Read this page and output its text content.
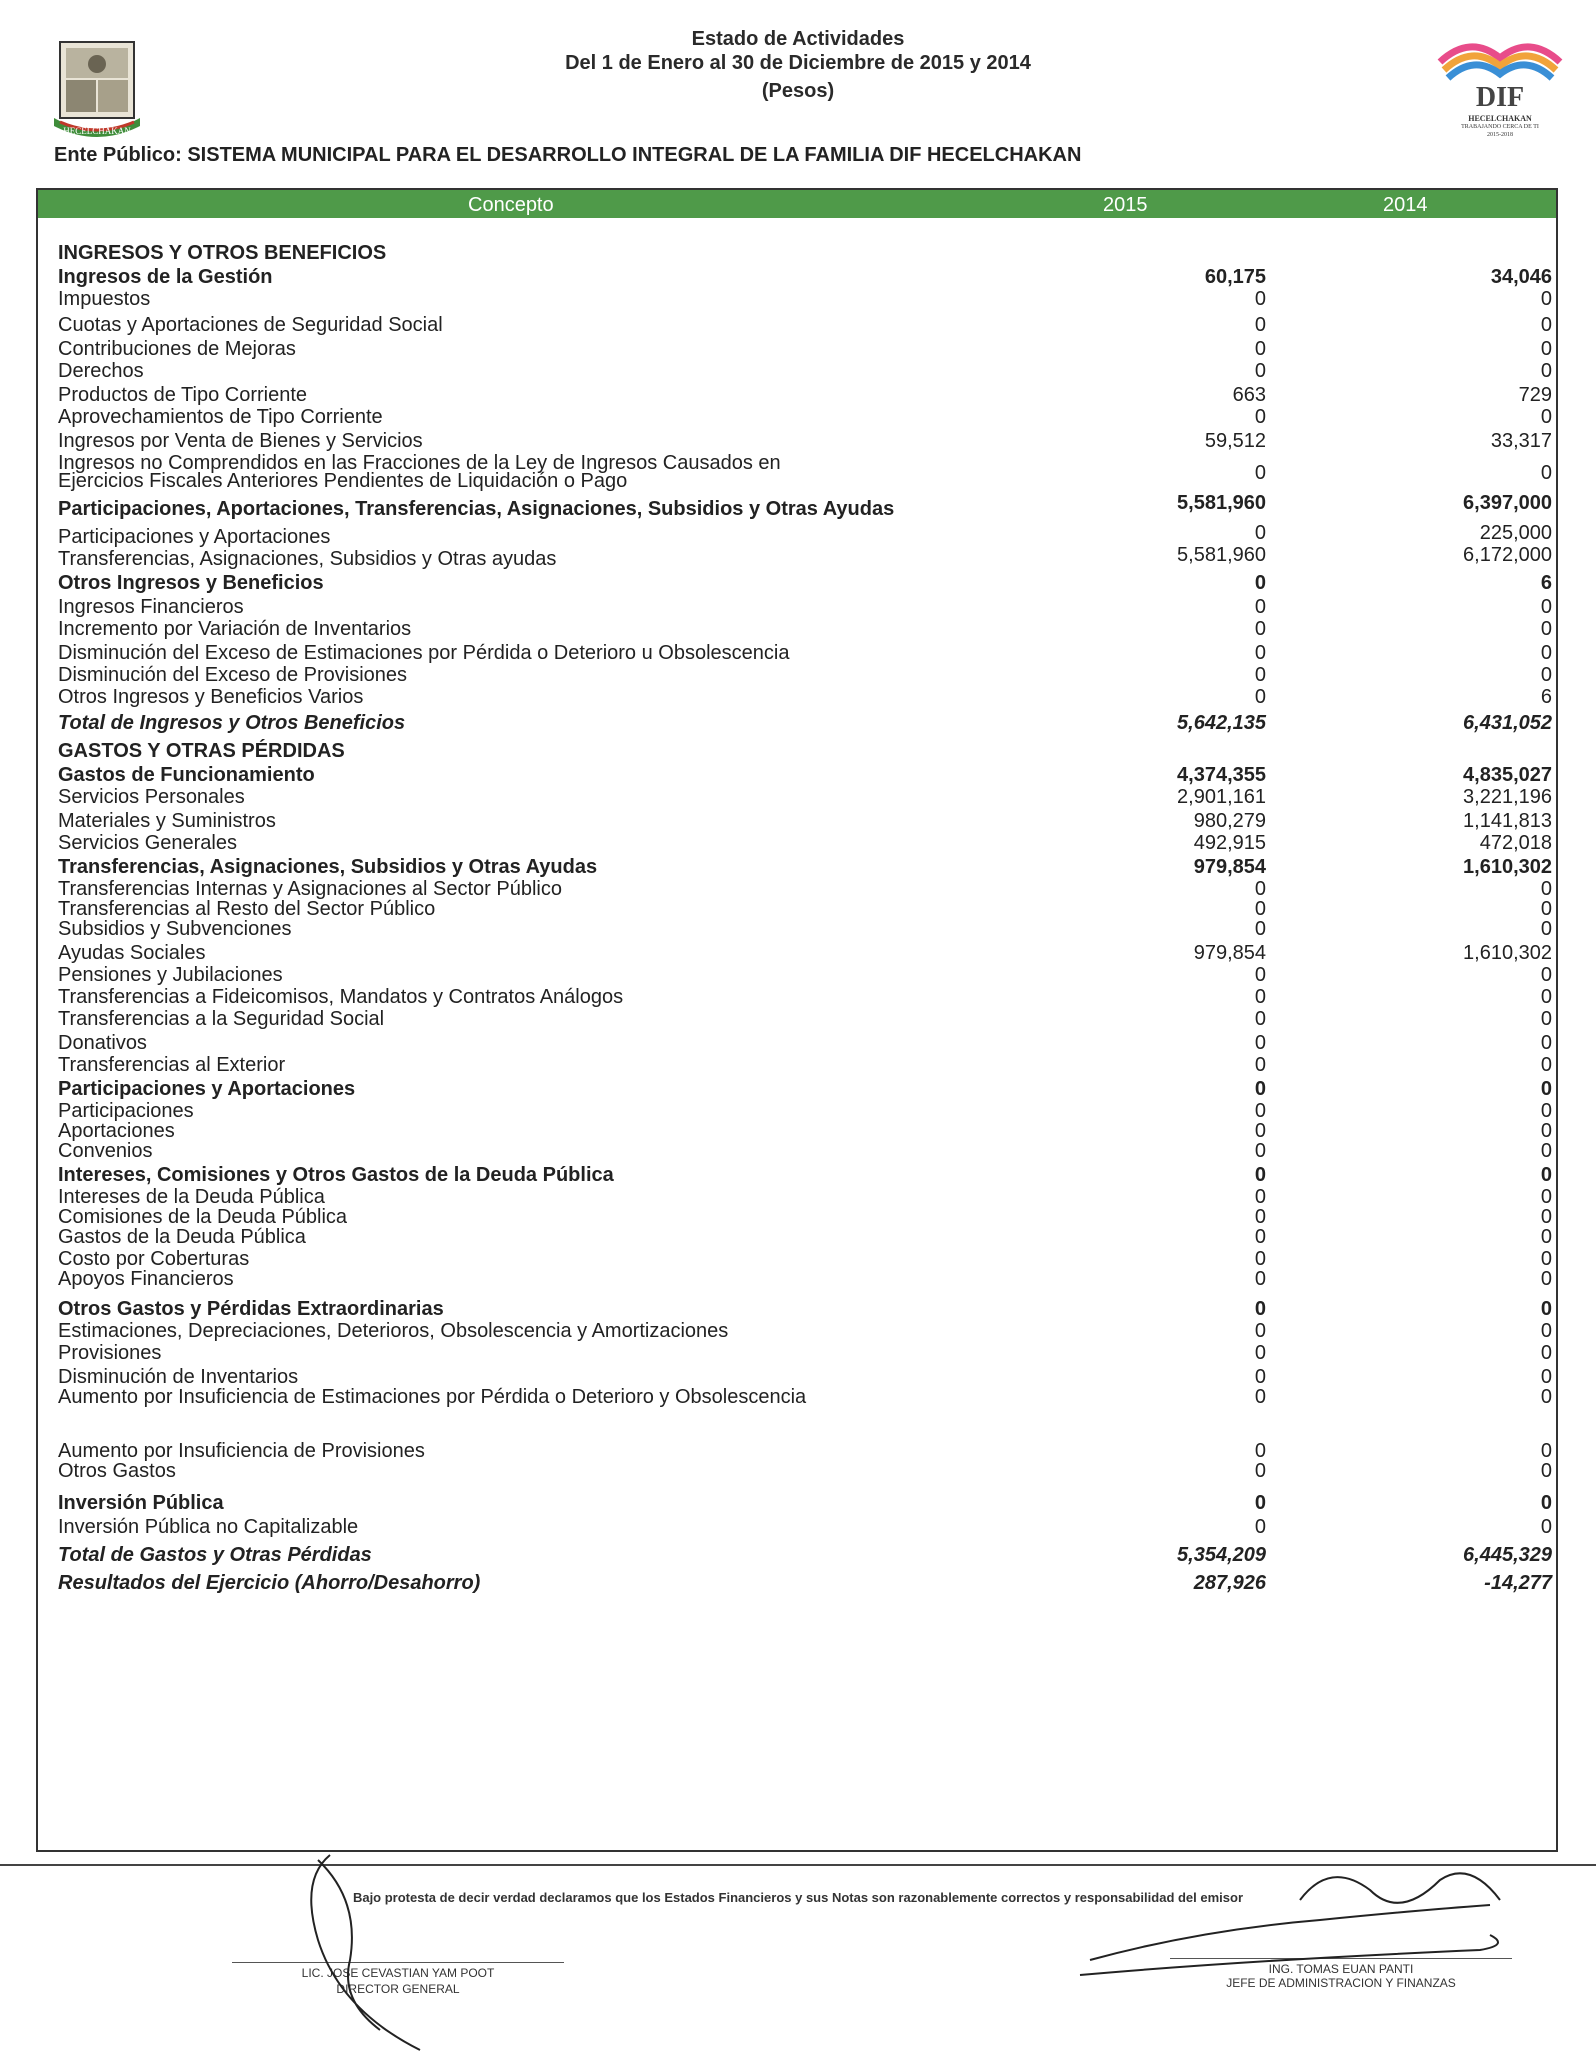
Estado de Actividades
Del 1 de Enero al 30 de Diciembre de 2015 y 2014
(Pesos)
HECELCHAKAN
DIF
HECELCHAKAN
TRABAJANDO CERCA DE TI
2015-2018
Ente Público: SISTEMA MUNICIPAL PARA EL DESARROLLO INTEGRAL DE LA FAMILIA DIF HECELCHAKAN
Concepto	2015	2014
INGRESOS Y OTROS BENEFICIOS
Ingresos de la Gestión	60,175	34,046
Impuestos	0	0
Cuotas y Aportaciones de Seguridad Social	0	0
Contribuciones de Mejoras	0	0
Derechos	0	0
Productos de Tipo Corriente	663	729
Aprovechamientos de Tipo Corriente	0	0
Ingresos por Venta de Bienes y Servicios	59,512	33,317
Ingresos no Comprendidos en las Fracciones de la Ley de Ingresos Causados en	0	0
Ejercicios Fiscales Anteriores Pendientes de Liquidación o Pago
Participaciones, Aportaciones, Transferencias, Asignaciones, Subsidios y Otras Ayudas	5,581,960	6,397,000
Participaciones y Aportaciones	0	225,000
Transferencias, Asignaciones, Subsidios y Otras ayudas	5,581,960	6,172,000
Otros Ingresos y Beneficios	0	6
Ingresos Financieros	0	0
Incremento por Variación de Inventarios	0	0
Disminución del Exceso de Estimaciones por Pérdida o Deterioro u Obsolescencia	0	0
Disminución del Exceso de Provisiones	0	0
Otros Ingresos y Beneficios Varios	0	6
Total de Ingresos y Otros Beneficios	5,642,135	6,431,052
GASTOS Y OTRAS PÉRDIDAS
Gastos de Funcionamiento	4,374,355	4,835,027
Servicios Personales	2,901,161	3,221,196
Materiales y Suministros	980,279	1,141,813
Servicios Generales	492,915	472,018
Transferencias, Asignaciones, Subsidios y Otras Ayudas	979,854	1,610,302
Transferencias Internas y Asignaciones al Sector Público	0	0
Transferencias al Resto del Sector Público	0	0
Subsidios y Subvenciones	0	0
Ayudas Sociales	979,854	1,610,302
Pensiones y Jubilaciones	0	0
Transferencias a Fideicomisos, Mandatos y Contratos Análogos	0	0
Transferencias a la Seguridad Social	0	0
Donativos	0	0
Transferencias al Exterior	0	0
Participaciones y Aportaciones	0	0
Participaciones	0	0
Aportaciones	0	0
Convenios	0	0
Intereses, Comisiones y Otros Gastos de la Deuda Pública	0	0
Intereses de la Deuda Pública	0	0
Comisiones de la Deuda Pública	0	0
Gastos de la Deuda Pública	0	0
Costo por Coberturas	0	0
Apoyos Financieros	0	0
Otros Gastos y Pérdidas Extraordinarias	0	0
Estimaciones, Depreciaciones, Deterioros, Obsolescencia y Amortizaciones	0	0
Provisiones	0	0
Disminución de Inventarios	0	0
Aumento por Insuficiencia de Estimaciones por Pérdida o Deterioro y Obsolescencia	0	0
Aumento por Insuficiencia de Provisiones	0	0
Otros Gastos	0	0
Inversión Pública	0	0
Inversión Pública no Capitalizable	0	0
Total de Gastos y Otras Pérdidas	5,354,209	6,445,329
Resultados del Ejercicio (Ahorro/Desahorro)	287,926	-14,277
Bajo protesta de decir verdad declaramos que los Estados Financieros y sus Notas son razonablemente correctos y responsabilidad del emisor
LIC. JOSE CEVASTIAN YAM POOT
DIRECTOR GENERAL
ING. TOMAS EUAN PANTI
JEFE DE ADMINISTRACION Y FINANZAS
